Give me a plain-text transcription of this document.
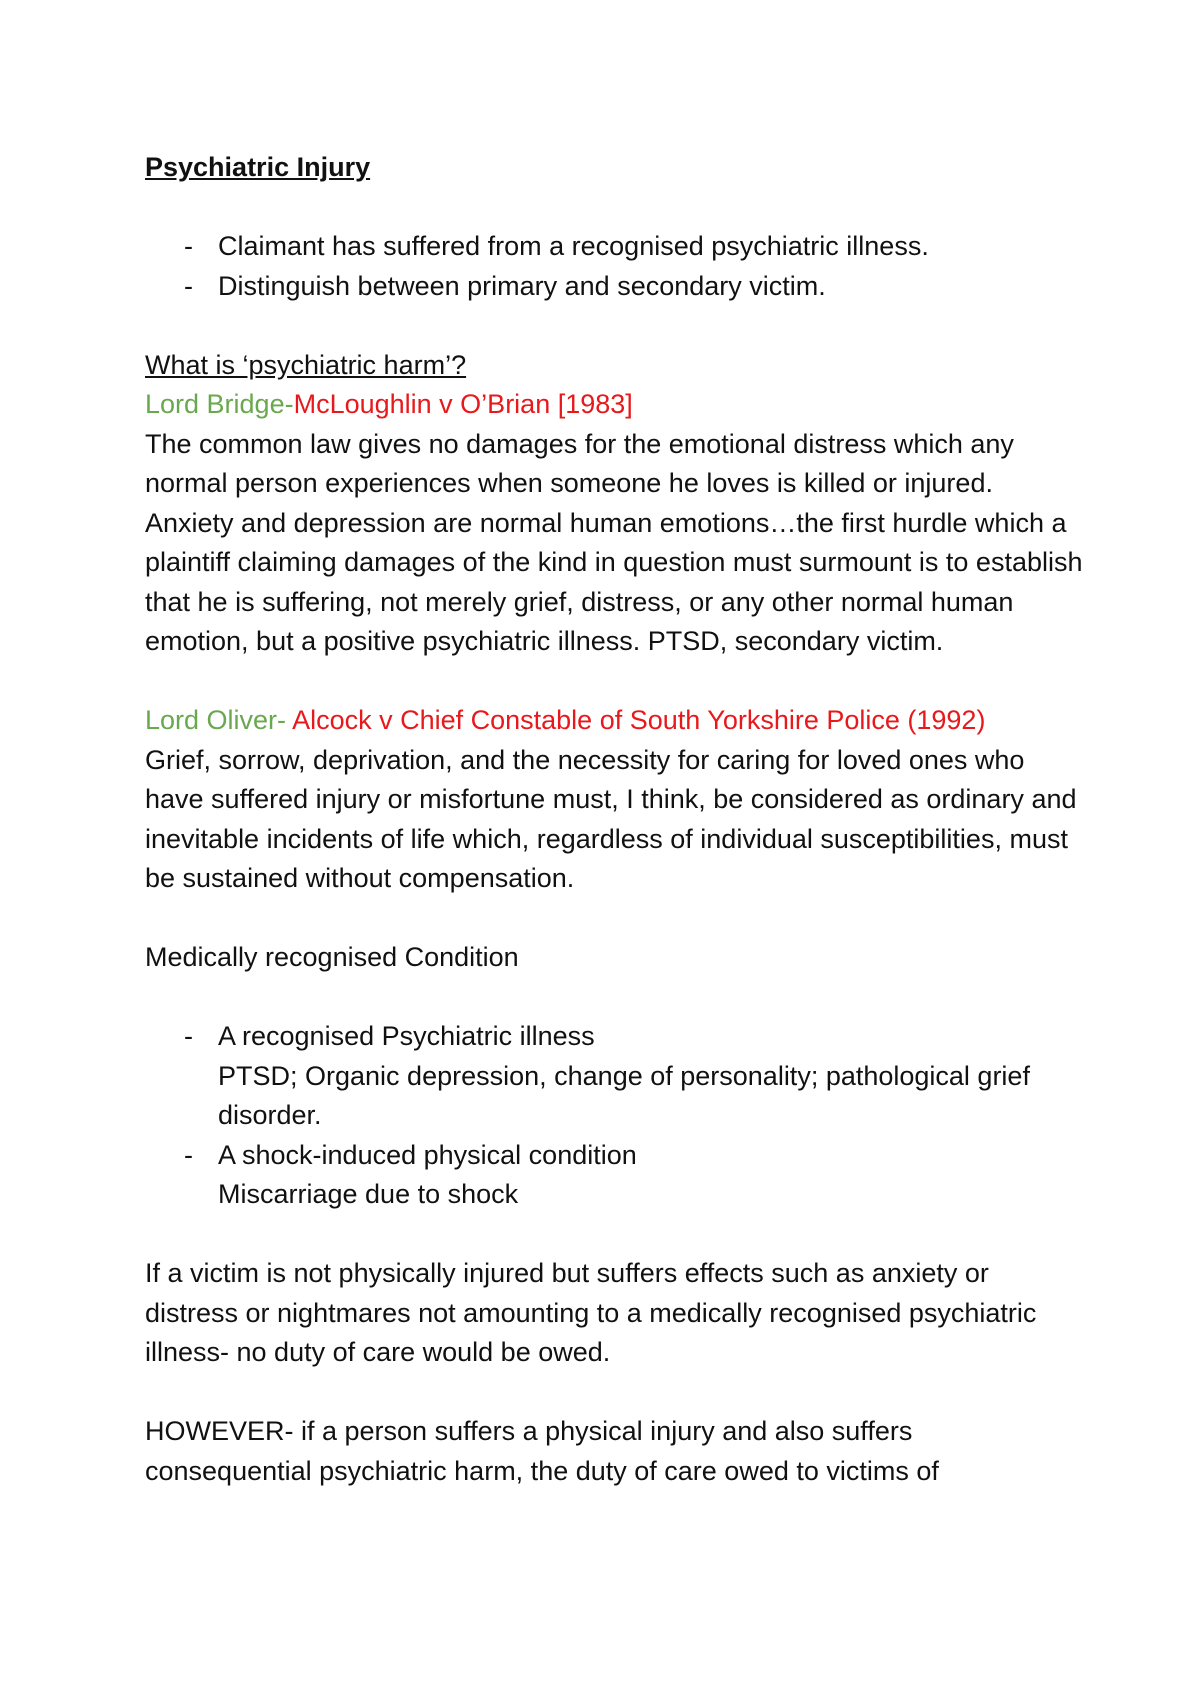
Psychiatric Injury

- Claimant has suffered from a recognised psychiatric illness.
- Distinguish between primary and secondary victim.

What is ‘psychiatric harm’?

Lord Bridge-McLoughlin v O’Brian [1983]

The common law gives no damages for the emotional distress which any normal person experiences when someone he loves is killed or injured. Anxiety and depression are normal human emotions…the first hurdle which a plaintiff claiming damages of the kind in question must surmount is to establish that he is suffering, not merely grief, distress, or any other normal human emotion, but a positive psychiatric illness. PTSD, secondary victim.

Lord Oliver- Alcock v Chief Constable of South Yorkshire Police (1992)

Grief, sorrow, deprivation, and the necessity for caring for loved ones who have suffered injury or misfortune must, I think, be considered as ordinary and inevitable incidents of life which, regardless of individual susceptibilities, must be sustained without compensation.

Medically recognised Condition

- A recognised Psychiatric illness
PTSD; Organic depression, change of personality; pathological grief disorder.
- A shock-induced physical condition
Miscarriage due to shock

If a victim is not physically injured but suffers effects such as anxiety or distress or nightmares not amounting to a medically recognised psychiatric illness- no duty of care would be owed.

HOWEVER- if a person suffers a physical injury and also suffers consequential psychiatric harm, the duty of care owed to victims of
